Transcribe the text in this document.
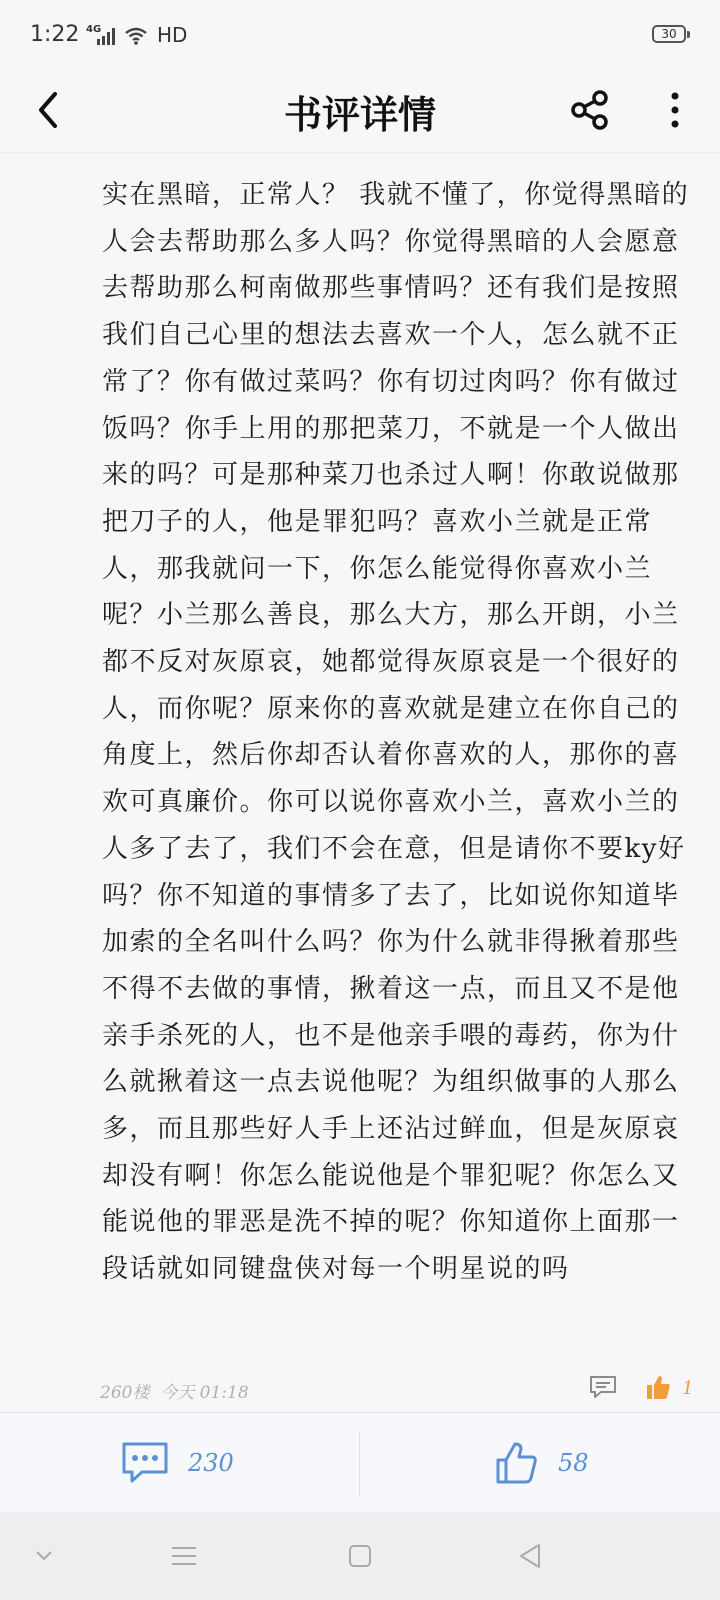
1:22 4G	HD	30
书评详情
实在黑暗，正常人？ 我就不懂了，你觉得黑暗的人会去帮助那么多人吗？你觉得黑暗的人会愿意去帮助那么柯南做那些事情吗？还有我们是按照我们自己心里的想法去喜欢一个人，怎么就不正常了？你有做过菜吗？你有切过肉吗？你有做过饭吗？你手上用的那把菜刀，不就是一个人做出来的吗？可是那种菜刀也杀过人啊！你敢说做那把刀子的人，他是罪犯吗？喜欢小兰就是正常人，那我就问一下，你怎么能觉得你喜欢小兰呢？小兰那么善良，那么大方，那么开朗，小兰都不反对灰原哀，她都觉得灰原哀是一个很好的人，而你呢？原来你的喜欢就是建立在你自己的角度上，然后你却否认着你喜欢的人，那你的喜欢可真廉价。你可以说你喜欢小兰，喜欢小兰的人多了去了，我们不会在意，但是请你不要ky好吗？你不知道的事情多了去了，比如说你知道毕加索的全名叫什么吗？你为什么就非得揪着那些不得不去做的事情，揪着这一点，而且又不是他亲手杀死的人，也不是他亲手喂的毒药，你为什么就揪着这一点去说他呢？为组织做事的人那么多，而且那些好人手上还沾过鲜血，但是灰原哀却没有啊！你怎么能说他是个罪犯呢？你怎么又能说他的罪恶是洗不掉的呢？你知道你上面那一段话就如同键盘侠对每一个明星说的吗
260楼 今天 01:18	1
230	58
